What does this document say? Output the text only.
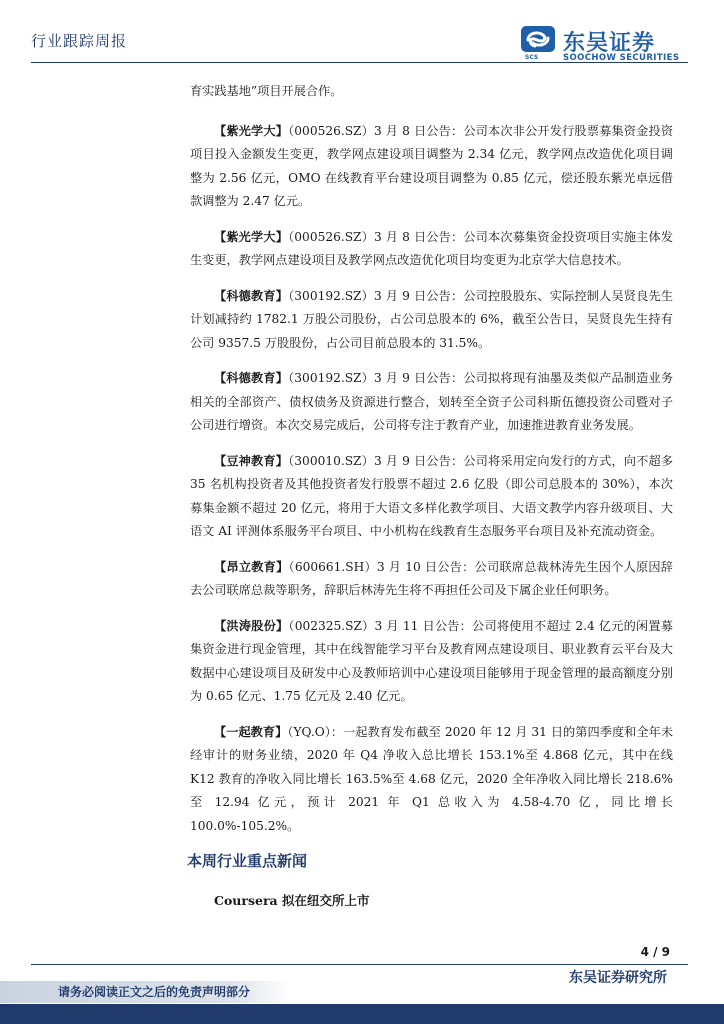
行业跟踪周报
SCS
东吴证券
SOOCHOW SECURITIES

育实践基地”项目开展合作。

【紫光学大】（000526.SZ）3 月 8 日公告：公司本次非公开发行股票募集资金投资项目投入金额发生变更，教学网点建设项目调整为 2.34 亿元，教学网点改造优化项目调整为 2.56 亿元，OMO 在线教育平台建设项目调整为 0.85 亿元，偿还股东紫光卓远借款调整为 2.47 亿元。

【紫光学大】（000526.SZ）3 月 8 日公告：公司本次募集资金投资项目实施主体发生变更，教学网点建设项目及教学网点改造优化项目均变更为北京学大信息技术。

【科德教育】（300192.SZ）3 月 9 日公告：公司控股股东、实际控制人吴贤良先生计划减持约 1782.1 万股公司股份，占公司总股本的 6%，截至公告日，吴贤良先生持有公司 9357.5 万股股份，占公司目前总股本的 31.5%。

【科德教育】（300192.SZ）3 月 9 日公告：公司拟将现有油墨及类似产品制造业务相关的全部资产、债权债务及资源进行整合，划转至全资子公司科斯伍德投资公司暨对子公司进行增资。本次交易完成后，公司将专注于教育产业，加速推进教育业务发展。

【豆神教育】（300010.SZ）3 月 9 日公告：公司将采用定向发行的方式，向不超多 35 名机构投资者及其他投资者发行股票不超过 2.6 亿股（即公司总股本的 30%），本次募集金额不超过 20 亿元，将用于大语文多样化教学项目、大语文教学内容升级项目、大语文 AI 评测体系服务平台项目、中小机构在线教育生态服务平台项目及补充流动资金。

【昂立教育】（600661.SH）3 月 10 日公告：公司联席总裁林涛先生因个人原因辞去公司联席总裁等职务，辞职后林涛先生将不再担任公司及下属企业任何职务。

【洪涛股份】（002325.SZ）3 月 11 日公告：公司将使用不超过 2.4 亿元的闲置募集资金进行现金管理，其中在线智能学习平台及教育网点建设项目、职业教育云平台及大数据中心建设项目及研发中心及教师培训中心建设项目能够用于现金管理的最高额度分别为 0.65 亿元、1.75 亿元及 2.40 亿元。

【一起教育】（YQ.O）：一起教育发布截至 2020 年 12 月 31 日的第四季度和全年未经审计的财务业绩，2020 年 Q4 净收入总比增长 153.1%至 4.868 亿元，其中在线 K12 教育的净收入同比增长 163.5%至 4.68 亿元，2020 全年净收入同比增长 218.6%至 12.94 亿元，预计 2021 年 Q1 总收入为 4.58-4.70 亿，同比增长 100.0%-105.2%。

本周行业重点新闻
Coursera 拟在纽交所上市
4 / 9
东吴证券研究所
请务必阅读正文之后的免责声明部分
